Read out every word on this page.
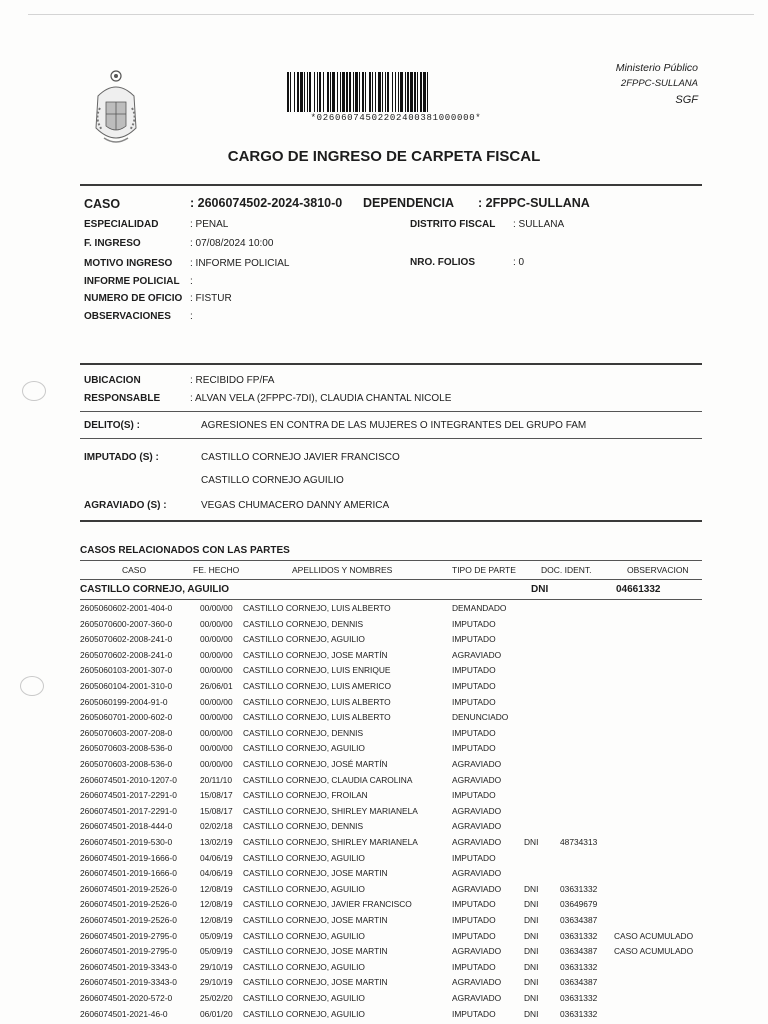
*02606074502202400381000000*
Ministerio Público
2FPPC-SULLANA
SGF
CARGO DE INGRESO DE CARPETA FISCAL
CASO	: 2606074502-2024-3810-0 DEPENDENCIA : 2FPPC-SULLANA
ESPECIALIDAD	: PENAL	DISTRITO FISCAL : SULLANA
F. INGRESO	: 07/08/2024 10:00
MOTIVO INGRESO : INFORME POLICIAL	NRO. FOLIOS	: 0
INFORME POLICIAL :
NUMERO DE OFICIO : FISTUR
OBSERVACIONES :
UBICACION	: RECIBIDO FP/FA
RESPONSABLE	: ALVAN VELA (2FPPC-7DI), CLAUDIA CHANTAL NICOLE
DELITO(S) :	AGRESIONES EN CONTRA DE LAS MUJERES O INTEGRANTES DEL GRUPO FAM
IMPUTADO (S) :	CASTILLO CORNEJO JAVIER FRANCISCO
CASTILLO CORNEJO AGUILIO
AGRAVIADO (S) :	VEGAS CHUMACERO DANNY AMERICA
CASOS RELACIONADOS CON LAS PARTES
CASO	FE. HECHO	APELLIDOS Y NOMBRES	TIPO DE PARTE	DOC. IDENT.	OBSERVACION
CASTILLO CORNEJO, AGUILIO	DNI	04661332
2605060602-2001-404-0	00/00/00 CASTILLO CORNEJO, LUIS ALBERTO	DEMANDADO
2605070600-2007-360-0	00/00/00 CASTILLO CORNEJO, DENNIS	IMPUTADO
2605070602-2008-241-0	00/00/00 CASTILLO CORNEJO, AGUILIO	IMPUTADO
2605070602-2008-241-0	00/00/00 CASTILLO CORNEJO, JOSE MARTÍN	AGRAVIADO
2605060103-2001-307-0	00/00/00 CASTILLO CORNEJO, LUIS ENRIQUE	IMPUTADO
2605060104-2001-310-0	26/06/01 CASTILLO CORNEJO, LUIS AMERICO	IMPUTADO
2605060199-2004-91-0	00/00/00 CASTILLO CORNEJO, LUIS ALBERTO	IMPUTADO
2605060701-2000-602-0	00/00/00 CASTILLO CORNEJO, LUIS ALBERTO	DENUNCIADO
2605070603-2007-208-0	00/00/00 CASTILLO CORNEJO, DENNIS	IMPUTADO
2605070603-2008-536-0	00/00/00 CASTILLO CORNEJO, AGUILIO	IMPUTADO
2605070603-2008-536-0	00/00/00 CASTILLO CORNEJO, JOSÉ MARTÍN	AGRAVIADO
2606074501-2010-1207-0	20/11/10 CASTILLO CORNEJO, CLAUDIA CAROLINA	AGRAVIADO
2606074501-2017-2291-0	15/08/17 CASTILLO CORNEJO, FROILAN	IMPUTADO
2606074501-2017-2291-0	15/08/17 CASTILLO CORNEJO, SHIRLEY MARIANELA	AGRAVIADO
2606074501-2018-444-0	02/02/18 CASTILLO CORNEJO, DENNIS	AGRAVIADO
2606074501-2019-530-0	13/02/19 CASTILLO CORNEJO, SHIRLEY MARIANELA	AGRAVIADO	DNI	48734313
2606074501-2019-1666-0	04/06/19 CASTILLO CORNEJO, AGUILIO	IMPUTADO
2606074501-2019-1666-0	04/06/19 CASTILLO CORNEJO, JOSE MARTIN	AGRAVIADO
2606074501-2019-2526-0	12/08/19 CASTILLO CORNEJO, AGUILIO	AGRAVIADO	DNI	03631332
2606074501-2019-2526-0	12/08/19 CASTILLO CORNEJO, JAVIER FRANCISCO	IMPUTADO	DNI	03649679
2606074501-2019-2526-0	12/08/19 CASTILLO CORNEJO, JOSE MARTIN	IMPUTADO	DNI	03634387
2606074501-2019-2795-0	05/09/19 CASTILLO CORNEJO, AGUILIO	IMPUTADO	DNI	03631332 CASO ACUMULADO
2606074501-2019-2795-0	05/09/19 CASTILLO CORNEJO, JOSE MARTIN	AGRAVIADO	DNI	03634387 CASO ACUMULADO
2606074501-2019-3343-0	29/10/19 CASTILLO CORNEJO, AGUILIO	IMPUTADO	DNI	03631332
2606074501-2019-3343-0	29/10/19 CASTILLO CORNEJO, JOSE MARTIN	AGRAVIADO	DNI	03634387
2606074501-2020-572-0	25/02/20 CASTILLO CORNEJO, AGUILIO	AGRAVIADO	DNI	03631332
2606074501-2021-46-0	06/01/20 CASTILLO CORNEJO, AGUILIO	IMPUTADO	DNI	03631332
